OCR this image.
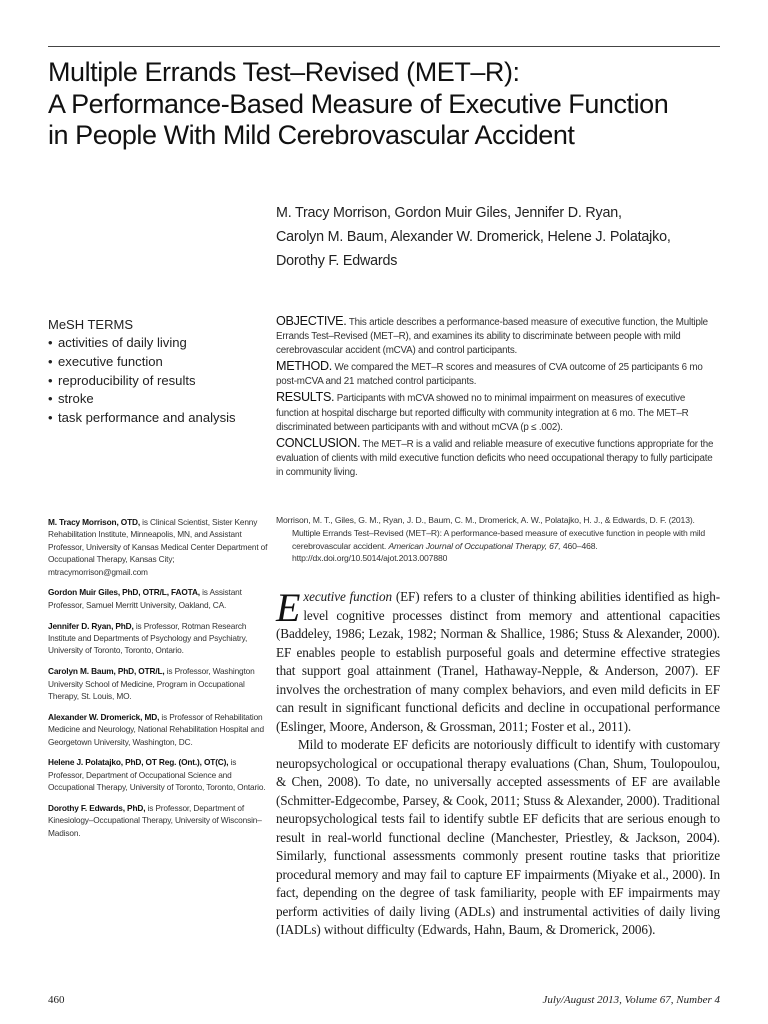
Multiple Errands Test–Revised (MET–R):
A Performance-Based Measure of Executive Function
in People With Mild Cerebrovascular Accident
M. Tracy Morrison, Gordon Muir Giles, Jennifer D. Ryan,
Carolyn M. Baum, Alexander W. Dromerick, Helene J. Polatajko,
Dorothy F. Edwards
MeSH TERMS
• activities of daily living
• executive function
• reproducibility of results
• stroke
• task performance and analysis

OBJECTIVE. This article describes a performance-based measure of executive function, the Multiple Errands Test–Revised (MET–R), and examines its ability to discriminate between people with mild cerebrovascular accident (mCVA) and control participants.

METHOD. We compared the MET–R scores and measures of CVA outcome of 25 participants 6 mo post-mCVA and 21 matched control participants.

RESULTS. Participants with mCVA showed no to minimal impairment on measures of executive function at hospital discharge but reported difficulty with community integration at 6 mo. The MET–R discriminated between participants with and without mCVA (p ≤ .002).

CONCLUSION. The MET–R is a valid and reliable measure of executive functions appropriate for the evaluation of clients with mild executive function deficits who need occupational therapy to fully participate in community living.

Morrison, M. T., Giles, G. M., Ryan, J. D., Baum, C. M., Dromerick, A. W., Polatajko, H. J., & Edwards, D. F. (2013). Multiple Errands Test–Revised (MET–R): A performance-based measure of executive function in people with mild cerebrovascular accident. American Journal of Occupational Therapy, 67, 460–468. http://dx.doi.org/10.5014/ajot.2013.007880

M. Tracy Morrison, OTD, is Clinical Scientist, Sister Kenny Rehabilitation Institute, Minneapolis, MN, and Assistant Professor, University of Kansas Medical Center Department of Occupational Therapy, Kansas City; mtracymorrison@gmail.com

Gordon Muir Giles, PhD, OTR/L, FAOTA, is Assistant Professor, Samuel Merritt University, Oakland, CA.

Jennifer D. Ryan, PhD, is Professor, Rotman Research Institute and Departments of Psychology and Psychiatry, University of Toronto, Toronto, Ontario.

Carolyn M. Baum, PhD, OTR/L, is Professor, Washington University School of Medicine, Program in Occupational Therapy, St. Louis, MO.

Alexander W. Dromerick, MD, is Professor of Rehabilitation Medicine and Neurology, National Rehabilitation Hospital and Georgetown University, Washington, DC.

Helene J. Polatajko, PhD, OT Reg. (Ont.), OT(C), is Professor, Department of Occupational Science and Occupational Therapy, University of Toronto, Toronto, Ontario.

Dorothy F. Edwards, PhD, is Professor, Department of Kinesiology–Occupational Therapy, University of Wisconsin–Madison.

Executive function (EF) refers to a cluster of thinking abilities identified as high-level cognitive processes distinct from memory and attentional capacities (Baddeley, 1986; Lezak, 1982; Norman & Shallice, 1986; Stuss & Alexander, 2000). EF enables people to establish purposeful goals and determine effective strategies that support goal attainment (Tranel, Hathaway-Nepple, & Anderson, 2007). EF involves the orchestration of many complex behaviors, and even mild deficits in EF can result in significant functional deficits and decline in occupational performance (Eslinger, Moore, Anderson, & Grossman, 2011; Foster et al., 2011).

Mild to moderate EF deficits are notoriously difficult to identify with customary neuropsychological or occupational therapy evaluations (Chan, Shum, Toulopoulou, & Chen, 2008). To date, no universally accepted assessments of EF are available (Schmitter-Edgecombe, Parsey, & Cook, 2011; Stuss & Alexander, 2000). Traditional neuropsychological tests fail to identify subtle EF deficits that are serious enough to result in real-world functional decline (Manchester, Priestley, & Jackson, 2004). Similarly, functional assessments commonly present routine tasks that prioritize procedural memory and may fail to capture EF impairments (Miyake et al., 2000). In fact, depending on the degree of task familiarity, people with EF impairments may perform activities of daily living (ADLs) and instrumental activities of daily living (IADLs) without difficulty (Edwards, Hahn, Baum, & Dromerick, 2006).

460	July/August 2013, Volume 67, Number 4
